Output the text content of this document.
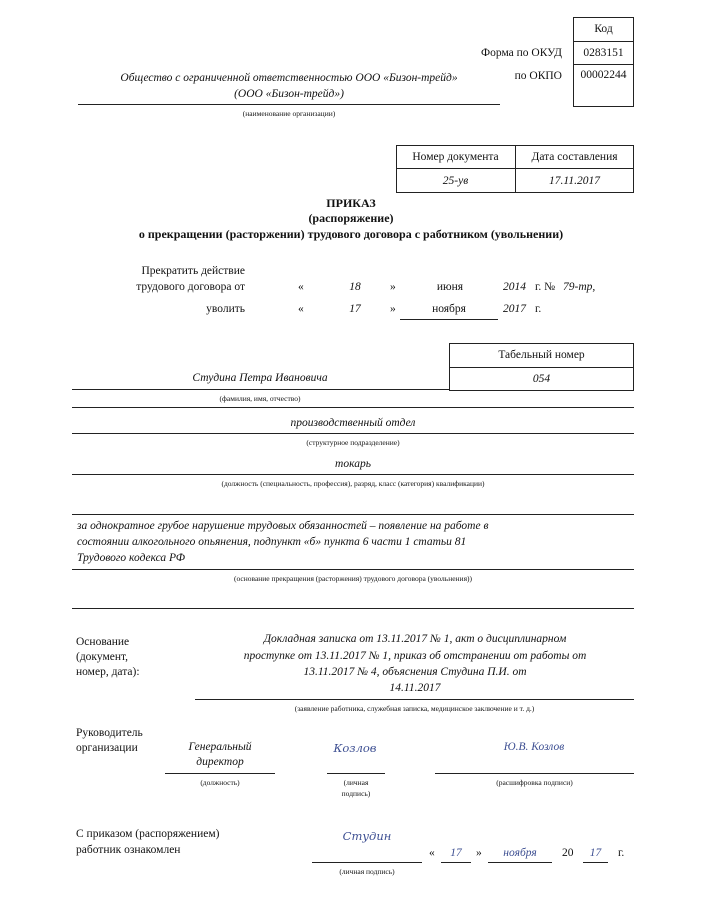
Код
0283151
00002244
Форма по ОКУД
по ОКПО
Общество с ограниченной ответственностью ООО «Бизон-трейд»
(ООО «Бизон-трейд»)
(наименование организации)
Номер документа	Дата составления
25-ув	17.11.2017
ПРИКАЗ
(распоряжение)
о прекращении (расторжении) трудового договора с работником (увольнении)
Прекратить действие
трудового договора от	«	18	»	июня	2014 г. № 79-тр,
уволить	«	17	»	ноября	2017 г.
Табельный номер
054
Студина Петра Ивановича
(фамилия, имя, отчество)
производственный отдел
(структурное подразделение)
токарь
(должность (специальность, профессия), разряд, класс (категория) квалификации)
за однократное грубое нарушение трудовых обязанностей – появление на работе в
состоянии алкогольного опьянения, подпункт «б» пункта 6 части 1 статьи 81
Трудового кодекса РФ
(основание прекращения (расторжения) трудового договора (увольнения))
Основание
(документ,
номер, дата):
Докладная записка от 13.11.2017 № 1, акт о дисциплинарном
проступке от 13.11.2017 № 1, приказ об отстранении от работы от
13.11.2017 № 4, объяснения Студина П.И. от
14.11.2017
(заявление работника, служебная записка, медицинское заключение и т. д.)
Руководитель
организации	Генеральный
директор
(должность)
Козлов
(личная
подпись)
Ю.В. Козлов
(расшифровка подписи)
С приказом (распоряжением)
работник ознакомлен
Студин
(личная подпись)
«	17	»	ноября	20	17	г.
